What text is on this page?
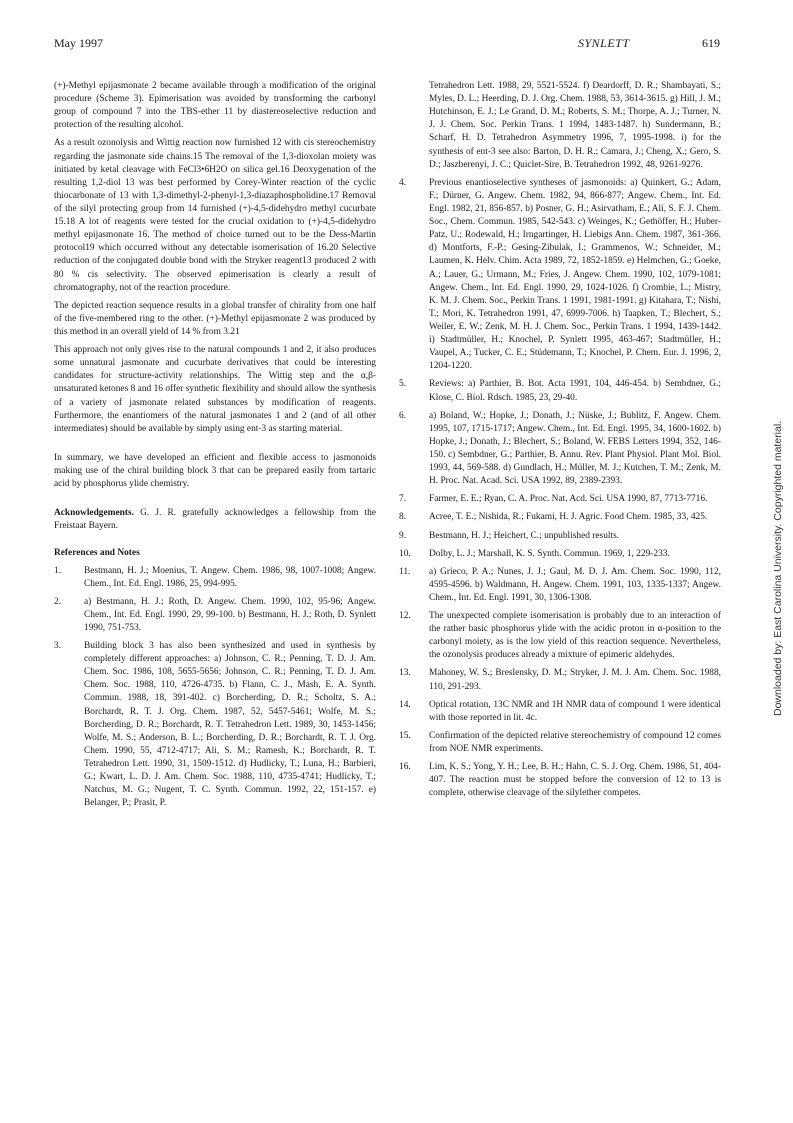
May 1997	SYNLETT	619

(+)-Methyl epijasmonate 2 became available through a modification of the original procedure (Scheme 3). Epimerisation was avoided by transforming the carbonyl group of compound 7 into the TBS-ether 11 by diastereoselective reduction and protection of the resulting alcohol.

As a result ozonolysis and Wittig reaction now furnished 12 with cis stereochemistry regarding the jasmonate side chains.15 The removal of the 1,3-dioxolan moiety was initiated by ketal cleavage with FeCl3•6H2O on silica gel.16 Deoxygenation of the resulting 1,2-diol 13 was best performed by Corey-Winter reaction of the cyclic thiocarbonate of 13 with 1,3-dimethyl-2-phenyl-1,3-diazaphospholidine.17 Removal of the silyl protecting group from 14 furnished (+)-4,5-didehydro methyl cucurbate 15.18 A lot of reagents were tested for the crucial oxidation to (+)-4,5-didehydro methyl epijasmonate 16. The method of choice turned out to be the Dess-Martin protocol19 which occurred without any detectable isomerisation of 16.20 Selective reduction of the conjugated double bond with the Stryker reagent13 produced 2 with 80 % cis selectivity. The observed epimerisation is clearly a result of chromatography, not of the reaction procedure.

The depicted reaction sequence results in a global transfer of chirality from one half of the five-membered ring to the other. (+)-Methyl epijasmonate 2 was produced by this method in an overall yield of 14 % from 3.21

This approach not only gives rise to the natural compounds 1 and 2, it also produces some unnatural jasmonate and cucurbate derivatives that could be interesting candidates for structure-activity relationships. The Wittig step and the α,β-unsaturated ketones 8 and 16 offer synthetic flexibility and should allow the synthesis of a variety of jasmonate related substances by modification of reagents. Furthermore, the enantiomers of the natural jasmonates 1 and 2 (and of all other intermediates) should be available by simply using ent-3 as starting material.

In summary, we have developed an efficient and flexible access to jasmonoids making use of the chiral building block 3 that can be prepared easily from tartaric acid by phosphorus ylide chemistry.

Acknowledgements. G. J. R. gratefully acknowledges a fellowship from the Freistaat Bayern.

References and Notes
1.	Bestmann, H. J.; Moenius, T. Angew. Chem. 1986, 98, 1007-1008; Angew. Chem., Int. Ed. Engl. 1986, 25, 994-995.
2.	a) Bestmann, H. J.; Roth, D. Angew. Chem. 1990, 102, 95-96; Angew. Chem., Int. Ed. Engl. 1990, 29, 99-100. b) Bestmann, H. J.; Roth, D. Synlett 1990, 751-753.
3.	Building block 3 has also been synthesized and used in synthesis by completely different approaches: a) Johnson, C. R.; Penning, T. D. J. Am. Chem. Soc. 1986, 108, 5655-5656; Johnson, C. R.; Penning, T. D. J. Am. Chem. Soc. 1988, 110, 4726-4735. b) Flann, C. J., Mash, E. A. Synth. Commun. 1988, 18, 391-402. c) Borcherding, D. R.; Scholtz, S. A.; Borchardt, R. T. J. Org. Chem. 1987, 52, 5457-5461; Wolfe, M. S.; Borcherding, D. R.; Borchardt, R. T. Tetrahedron Lett. 1989, 30, 1453-1456; Wolfe, M. S.; Anderson, B. L.; Borcherding, D. R.; Borchardt, R. T. J. Org. Chem. 1990, 55, 4712-4717; Ali, S. M.; Ramesh, K.; Borchardt, R. T. Tetrahedron Lett. 1990, 31, 1509-1512. d) Hudlicky, T.; Luna, H.; Barbieri, G.; Kwart, L. D. J. Am. Chem. Soc. 1988, 110, 4735-4741; Hudlicky, T.; Natchus, M. G.; Nugent, T. C. Synth. Commun. 1992, 22, 151-157. e) Belanger, P.; Prasit, P.

Tetrahedron Lett. 1988, 29, 5521-5524. f) Deardorff, D. R.; Shambayati, S.; Myles, D. L.; Heerding, D. J. Org. Chem. 1988, 53, 3614-3615. g) Hill, J. M.; Hutchinson, E. J.; Le Grand, D. M.; Roberts, S. M.; Thorpe, A. J.; Turner, N. J. J. Chem. Soc. Perkin Trans. 1 1994, 1483-1487. h) Sundermann, B.; Scharf, H. D. Tetrahedron Asymmetry 1996, 7, 1995-1998. i) for the synthesis of ent-3 see also: Barton, D. H. R.; Camara, J.; Cheng, X.; Gero, S. D.; Jaszberenyi, J. C.; Quiclet-Sire, B. Tetrahedron 1992, 48, 9261-9276.

4.	Previous enantioselective syntheses of jasmonoids: a) Quinkert, G.; Adam, F.; Dürner, G. Angew. Chem. 1982, 94, 866-877; Angew. Chem., Int. Ed. Engl. 1982, 21, 856-857. b) Posner, G. H.; Asirvatham, E.; Ali, S. F. J. Chem. Soc., Chem. Commun. 1985, 542-543. c) Weinges, K.; Gethöffer, H.; Huber-Patz, U.; Rodewald, H.; Irngartinger, H. Liebigs Ann. Chem. 1987, 361-366. d) Montforts, F.-P.; Gesing-Zibulak, I.; Grammenos, W.; Schneider, M.; Laumen, K. Helv. Chim. Acta 1989, 72, 1852-1859. e) Helmchen, G.; Goeke, A.; Lauer, G.; Urmann, M.; Fries, J. Angew. Chem. 1990, 102, 1079-1081; Angew. Chem., Int. Ed. Engl. 1990, 29, 1024-1026. f) Crombie, L.; Mistry, K. M. J. Chem. Soc., Perkin Trans. 1 1991, 1981-1991. g) Kitahara, T.; Nishi, T.; Mori, K. Tetrahedron 1991, 47, 6999-7006. h) Taapken, T.; Blechert, S.; Weiler, E. W.; Zenk, M. H. J. Chem. Soc., Perkin Trans. 1 1994, 1439-1442. i) Stadtmüller, H.; Knochel, P. Synlett 1995, 463-467; Stadtmüller, H.; Vaupel, A.; Tucker, C. E.; Stüdemann, T.; Knochel, P. Chem. Eur. J. 1996, 2, 1204-1220.
5.	Reviews: a) Parthier, B. Bot. Acta 1991, 104, 446-454. b) Sembdner, G.; Klose, C. Biol. Rdsch. 1985, 23, 29-40.
6.	a) Boland, W.; Hopke, J.; Donath, J.; Nüske, J.; Bublitz, F. Angew. Chem. 1995, 107, 1715-1717; Angew. Chem., Int. Ed. Engl. 1995, 34, 1600-1602. b) Hopke, J.; Donath, J.; Blechert, S.; Boland, W. FEBS Letters 1994, 352, 146-150. c) Sembdner, G.; Parthier, B. Annu. Rev. Plant Physiol. Plant Mol. Biol. 1993, 44, 569-588. d) Gundlach, H.; Müller, M. J.; Kutchen, T. M.; Zenk, M. H. Proc. Nat. Acad. Sci. USA 1992, 89, 2389-2393.
7.	Farmer, E. E.; Ryan, C. A. Proc. Nat. Acd. Sci. USA 1990, 87, 7713-7716.
8.	Acree, T. E.; Nishida, R.; Fukami, H. J. Agric. Food Chem. 1985, 33, 425.
9.	Bestmann, H. J.; Heichert, C.; unpublished results.
10.	Dolby, L. J.; Marshall, K. S. Synth. Commun. 1969, 1, 229-233.
11.	a) Grieco, P. A.; Nunes, J. J.; Gaul, M. D. J. Am. Chem. Soc. 1990, 112, 4595-4596. b) Waldmann, H. Angew. Chem. 1991, 103, 1335-1337; Angew. Chem., Int. Ed. Engl. 1991, 30, 1306-1308.
12.	The unexpected complete isomerisation is probably due to an interaction of the rather basic phosphorus ylide with the acidic proton in α-position to the carbonyl moiety, as is the low yield of this reaction sequence. Nevertheless, the ozonolysis produces already a mixture of epimeric aldehydes.
13.	Mahoney, W. S.; Breslensky, D. M.; Stryker, J. M. J. Am. Chem. Soc. 1988, 110, 291-293.
14.	Optical rotation, 13C NMR and 1H NMR data of compound 1 were identical with those reported in lit. 4c.
15.	Confirmation of the depicted relative stereochemistry of compound 12 comes from NOE NMR experiments.
16.	Lim, K. S.; Yong, Y. H.; Lee, B. H.; Hahn, C. S. J. Org. Chem. 1986, 51, 404-407. The reaction must be stopped before the conversion of 12 to 13 is complete, otherwise cleavage of the silylether competes.
Downloaded by: East Carolina University. Copyrighted material.
